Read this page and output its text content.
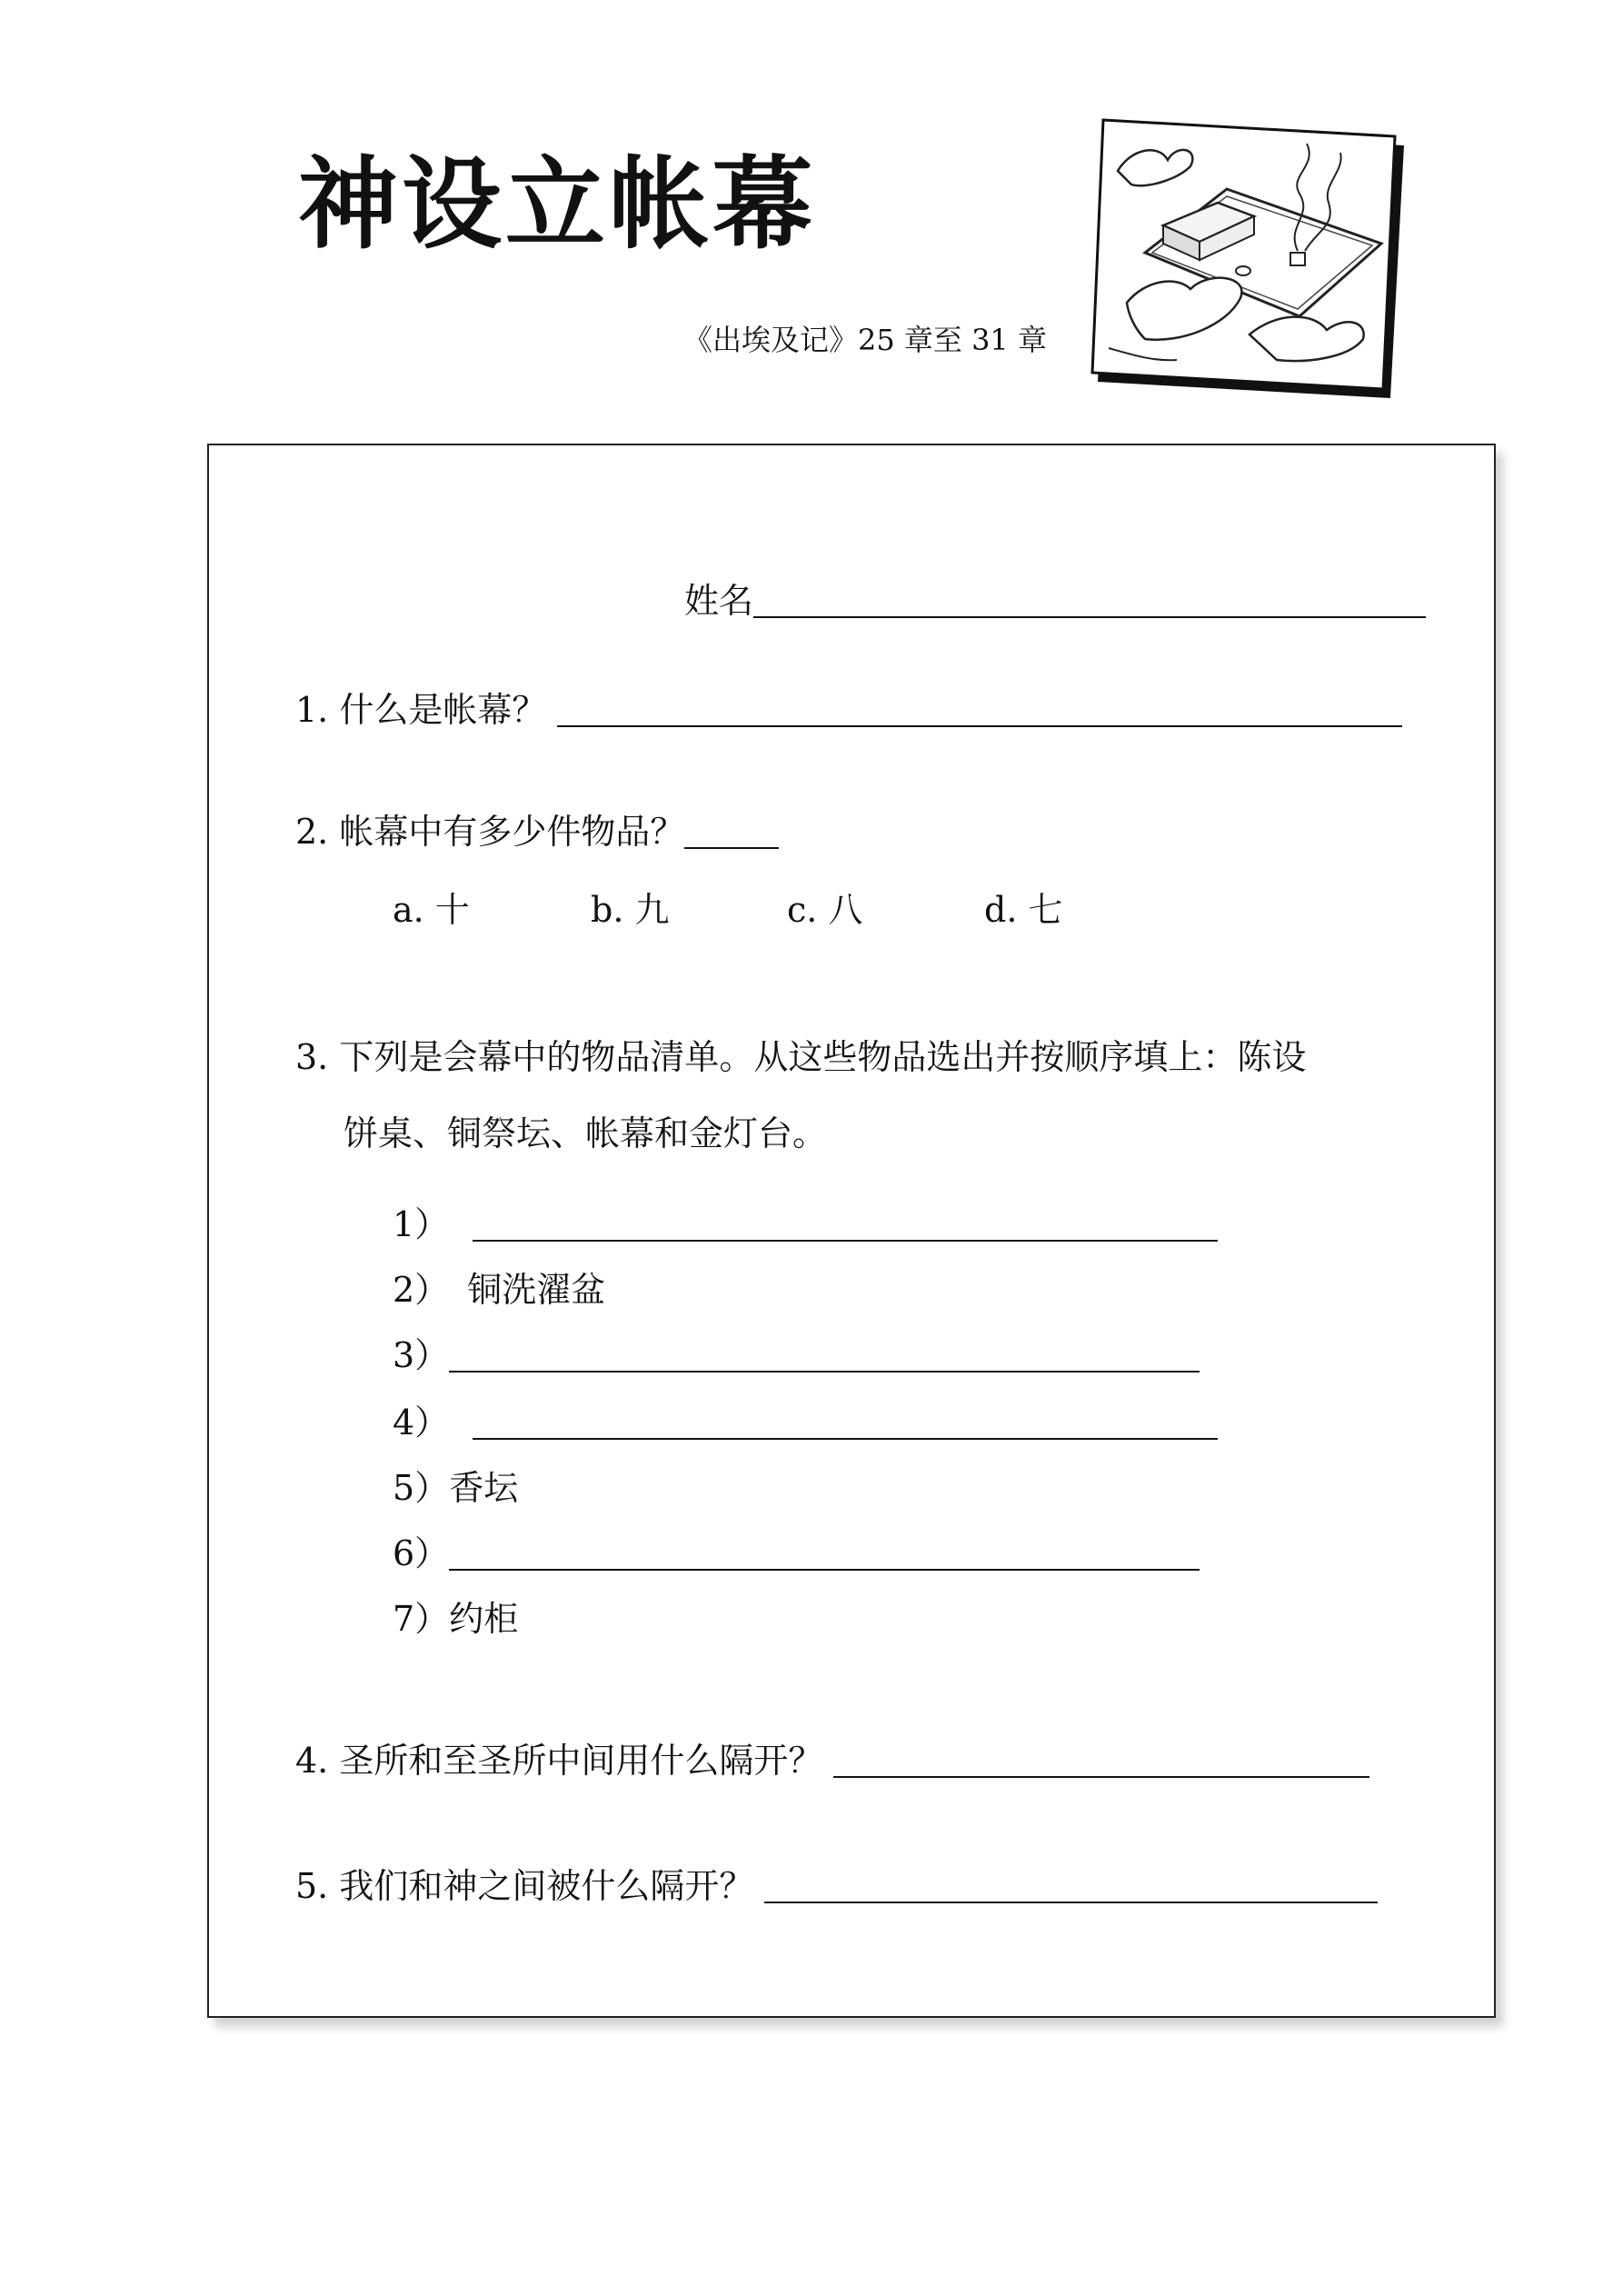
神设立帐幕
《出埃及记》25 章至 31 章
姓名
1. 什么是帐幕？
2. 帐幕中有多少件物品？
a. 十	b. 九	c. 八	d. 七
3. 下列是会幕中的物品清单。从这些物品选出并按顺序填上：陈设
饼桌、铜祭坛、帐幕和金灯台。
1）
2） 铜洗濯盆
3）
4）
5）香坛
6）
7）约柜
4. 圣所和至圣所中间用什么隔开？
5. 我们和神之间被什么隔开？
